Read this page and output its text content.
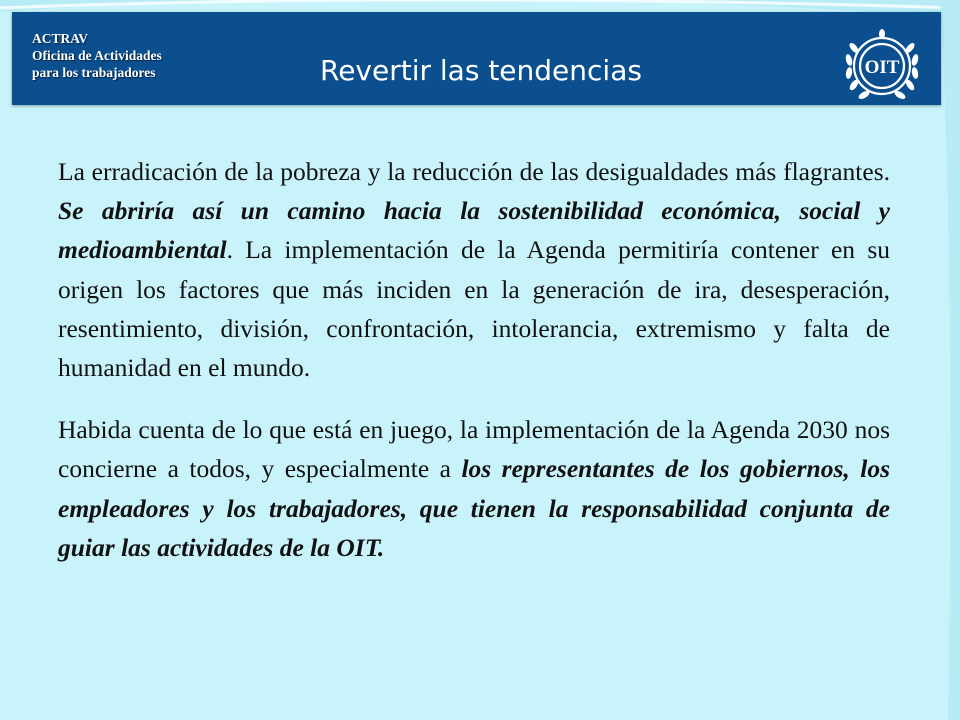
ACTRAV
Oficina de Actividades
para los trabajadores	Revertir las tendencias	OIT

La erradicación de la pobreza y la reducción de las desigualdades más flagrantes. Se abriría así un camino hacia la sostenibilidad económica, social y medioambiental. La implementación de la Agenda permitiría contener en su origen los factores que más inciden en la generación de ira, desesperación, resentimiento, división, confrontación, intolerancia, extremismo y falta de humanidad en el mundo.

Habida cuenta de lo que está en juego, la implementación de la Agenda 2030 nos concierne a todos, y especialmente a los representantes de los gobiernos, los empleadores y los trabajadores, que tienen la responsabilidad conjunta de guiar las actividades de la OIT.
